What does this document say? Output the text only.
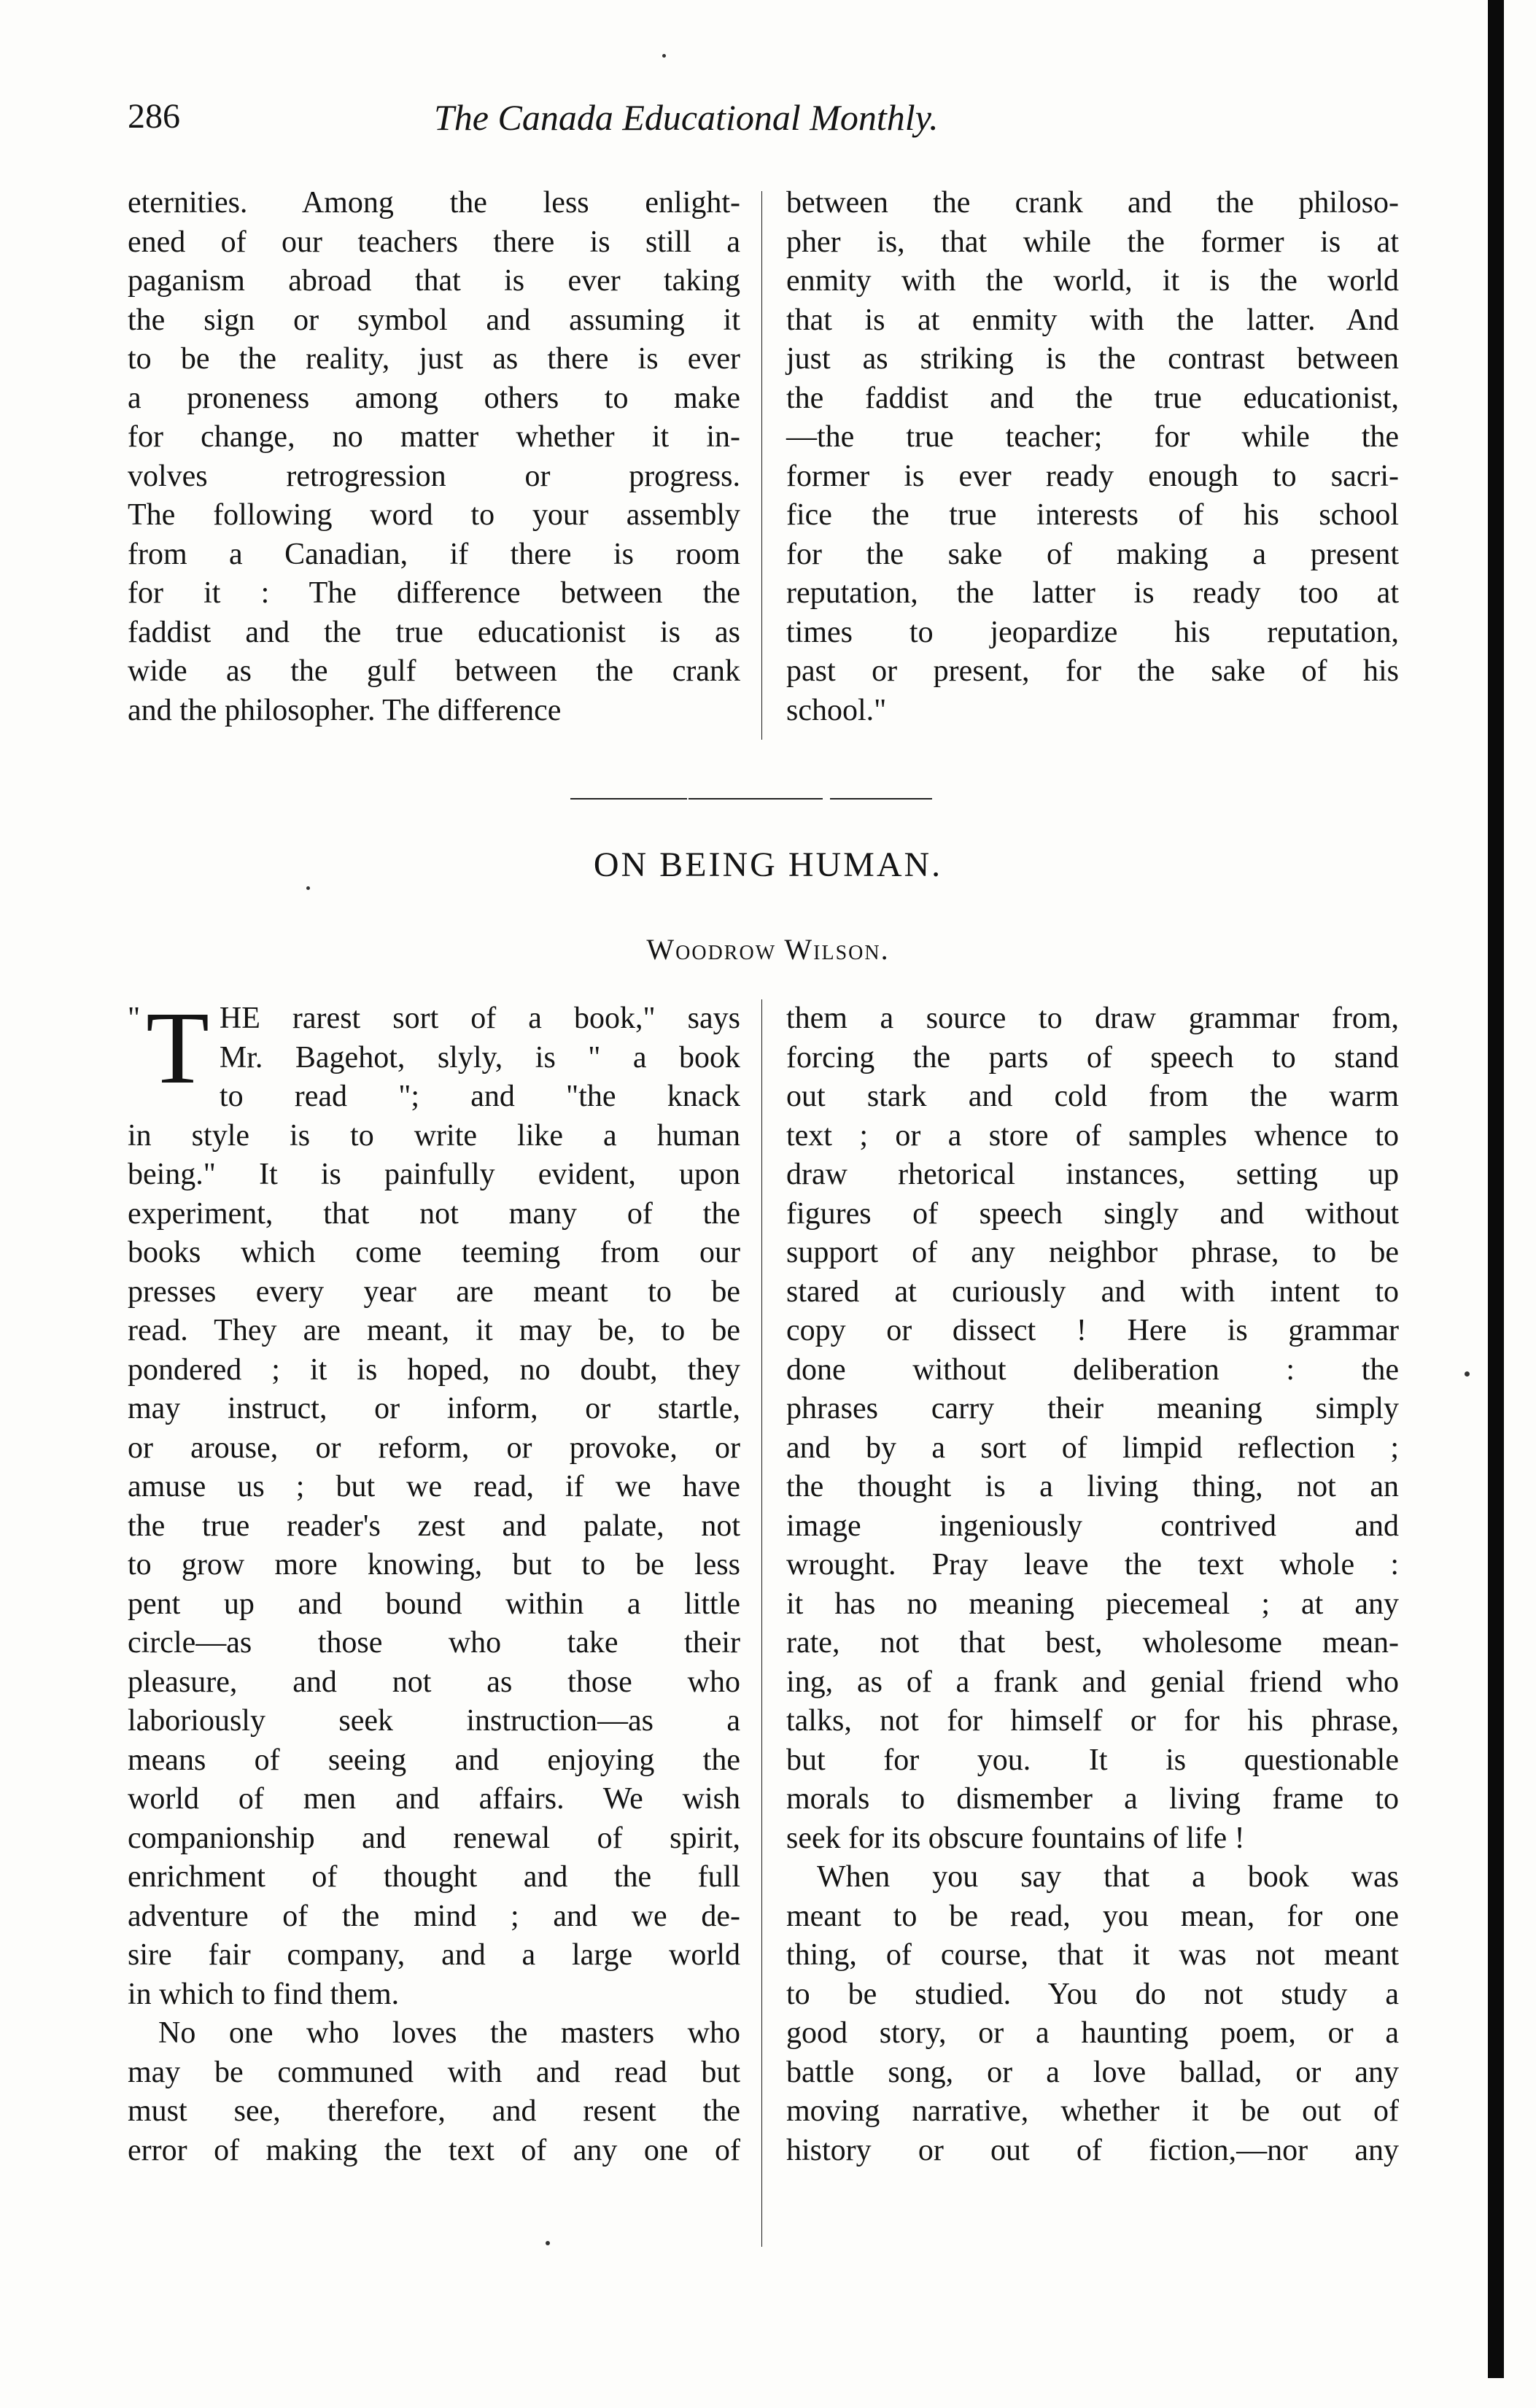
286	The Canada Educational Monthly.

eternities. Among the less enlight-

ened of our teachers there is still a

paganism abroad that is ever taking

the sign or symbol and assuming it

to be the reality, just as there is ever

a proneness among others to make

for change, no matter whether it in-

volves retrogression or progress.

The following word to your assembly

from a Canadian, if there is room

for it : The difference between the

faddist and the true educationist is as

wide as the gulf between the crank

and the philosopher. The difference

between the crank and the philoso-

pher is, that while the former is at

enmity with the world, it is the world

that is at enmity with the latter. And

just as striking is the contrast between

the faddist and the true educationist,

—the true teacher; for while the

former is ever ready enough to sacri-

fice the true interests of his school

for the sake of making a present

reputation, the latter is ready too at

times to jeopardize his reputation,

past or present, for the sake of his

school."

ON BEING HUMAN.
Woodrow Wilson.
" T HE rarest sort of a book," says

Mr. Bagehot, slyly, is " a book

to read "; and "the knack

in style is to write like a human

being." It is painfully evident, upon

experiment, that not many of the

books which come teeming from our

presses every year are meant to be

read. They are meant, it may be, to be

pondered ; it is hoped, no doubt, they

may instruct, or inform, or startle,

or arouse, or reform, or provoke, or

amuse us ; but we read, if we have

the true reader's zest and palate, not

to grow more knowing, but to be less

pent up and bound within a little

circle—as those who take their

pleasure, and not as those who

laboriously seek instruction—as a

means of seeing and enjoying the

world of men and affairs. We wish

companionship and renewal of spirit,

enrichment of thought and the full

adventure of the mind ; and we de-

sire fair company, and a large world

in which to find them.

No one who loves the masters who

may be communed with and read but

must see, therefore, and resent the

error of making the text of any one of

them a source to draw grammar from,

forcing the parts of speech to stand

out stark and cold from the warm

text ; or a store of samples whence to

draw rhetorical instances, setting up

figures of speech singly and without

support of any neighbor phrase, to be

stared at curiously and with intent to

copy or dissect ! Here is grammar

done without deliberation : the

phrases carry their meaning simply

and by a sort of limpid reflection ;

the thought is a living thing, not an

image ingeniously contrived and

wrought. Pray leave the text whole :

it has no meaning piecemeal ; at any

rate, not that best, wholesome mean-

ing, as of a frank and genial friend who

talks, not for himself or for his phrase,

but for you. It is questionable

morals to dismember a living frame to

seek for its obscure fountains of life !

When you say that a book was

meant to be read, you mean, for one

thing, of course, that it was not meant

to be studied. You do not study a

good story, or a haunting poem, or a

battle song, or a love ballad, or any

moving narrative, whether it be out of

history or out of fiction,—nor any
